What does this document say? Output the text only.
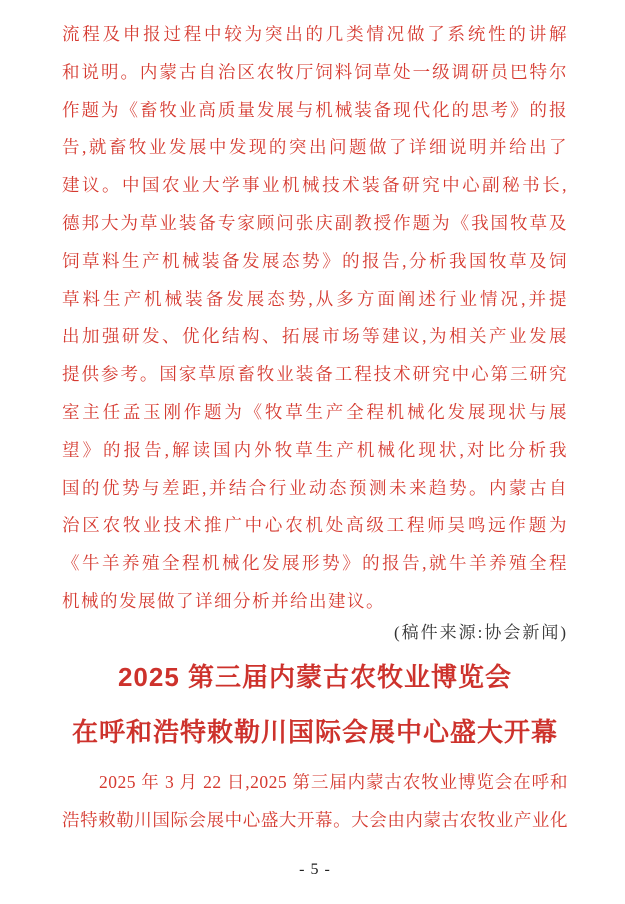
流程及申报过程中较为突出的几类情况做了系统性的讲解
和说明。内蒙古自治区农牧厅饲料饲草处一级调研员巴特尔
作题为《畜牧业高质量发展与机械装备现代化的思考》的报
告,就畜牧业发展中发现的突出问题做了详细说明并给出了
建议。中国农业大学事业机械技术装备研究中心副秘书长,
德邦大为草业装备专家顾问张庆副教授作题为《我国牧草及
饲草料生产机械装备发展态势》的报告,分析我国牧草及饲
草料生产机械装备发展态势,从多方面阐述行业情况,并提
出加强研发、优化结构、拓展市场等建议,为相关产业发展
提供参考。国家草原畜牧业装备工程技术研究中心第三研究
室主任孟玉刚作题为《牧草生产全程机械化发展现状与展
望》的报告,解读国内外牧草生产机械化现状,对比分析我
国的优势与差距,并结合行业动态预测未来趋势。内蒙古自
治区农牧业技术推广中心农机处高级工程师吴鸣远作题为
《牛羊养殖全程机械化发展形势》的报告,就牛羊养殖全程
机械的发展做了详细分析并给出建议。
(稿件来源:协会新闻)
2025 第三届内蒙古农牧业博览会
在呼和浩特敕勒川国际会展中心盛大开幕
2025 年 3 月 22 日,2025 第三届内蒙古农牧业博览会在呼和
浩特敕勒川国际会展中心盛大开幕。大会由内蒙古农牧业产业化
- 5 -
